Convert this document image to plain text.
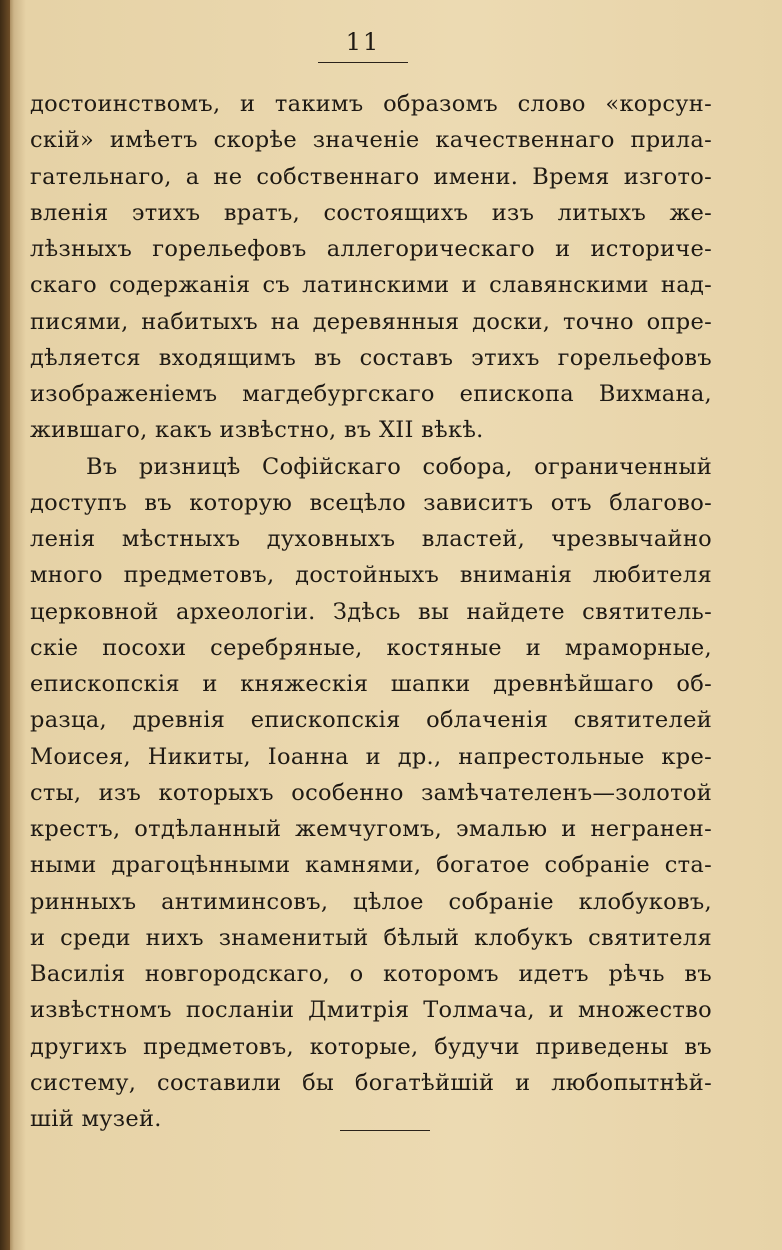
11
достоинствомъ, и такимъ образомъ слово «корсун-
скій» имѣетъ скорѣе значеніе качественнаго прила-
гательнаго, а не собственнаго имени. Время изгото-
вленія этихъ вратъ, состоящихъ изъ литыхъ же-
лѣзныхъ горельефовъ аллегорическаго и историче-
скаго содержанія съ латинскими и славянскими над-
писями, набитыхъ на деревянныя доски, точно опре-
дѣляется входящимъ въ составъ этихъ горельефовъ
изображеніемъ магдебургскаго епископа Вихмана,
жившаго, какъ извѣстно, въ XII вѣкѣ.
Въ ризницѣ Софійскаго собора, ограниченный
доступъ въ которую всецѣло зависитъ отъ благово-
ленія мѣстныхъ духовныхъ властей, чрезвычайно
много предметовъ, достойныхъ вниманія любителя
церковной археологіи. Здѣсь вы найдете святитель-
скіе посохи серебряные, костяные и мраморные,
епископскія и княжескія шапки древнѣйшаго об-
разца, древнія епископскія облаченія святителей
Моисея, Никиты, Іоанна и др., напрестольные кре-
сты, изъ которыхъ особенно замѣчателенъ—золотой
крестъ, отдѣланный жемчугомъ, эмалью и негранен-
ными драгоцѣнными камнями, богатое собраніе ста-
ринныхъ антиминсовъ, цѣлое собраніе клобуковъ,
и среди нихъ знаменитый бѣлый клобукъ святителя
Василія новгородскаго, о которомъ идетъ рѣчь въ
извѣстномъ посланіи Дмитрія Толмача, и множество
другихъ предметовъ, которые, будучи приведены въ
систему, составили бы богатѣйшій и любопытнѣй-
шій музей.
